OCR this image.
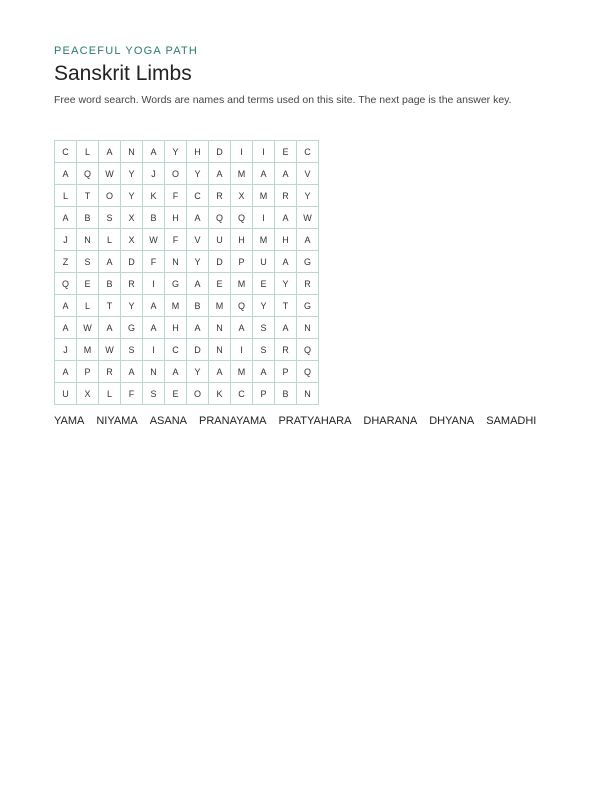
PEACEFUL YOGA PATH
Sanskrit Limbs
Free word search. Words are names and terms used on this site. The next page is the answer key.
C	L	A	N	A	Y	H	D	I	I	E	C
A	Q	W	Y	J	O	Y	A	M	A	A	V
L	T	O	Y	K	F	C	R	X	M	R	Y
A	B	S	X	B	H	A	Q	Q	I	A	W
J	N	L	X	W	F	V	U	H	M	H	A
Z	S	A	D	F	N	Y	D	P	U	A	G
Q	E	B	R	I	G	A	E	M	E	Y	R
A	L	T	Y	A	M	B	M	Q	Y	T	G
A	W	A	G	A	H	A	N	A	S	A	N
J	M	W	S	I	C	D	N	I	S	R	Q
A	P	R	A	N	A	Y	A	M	A	P	Q
U	X	L	F	S	E	O	K	C	P	B	N
YAMA NIYAMA ASANA PRANAYAMA PRATYAHARA DHARANA DHYANA SAMADHI
